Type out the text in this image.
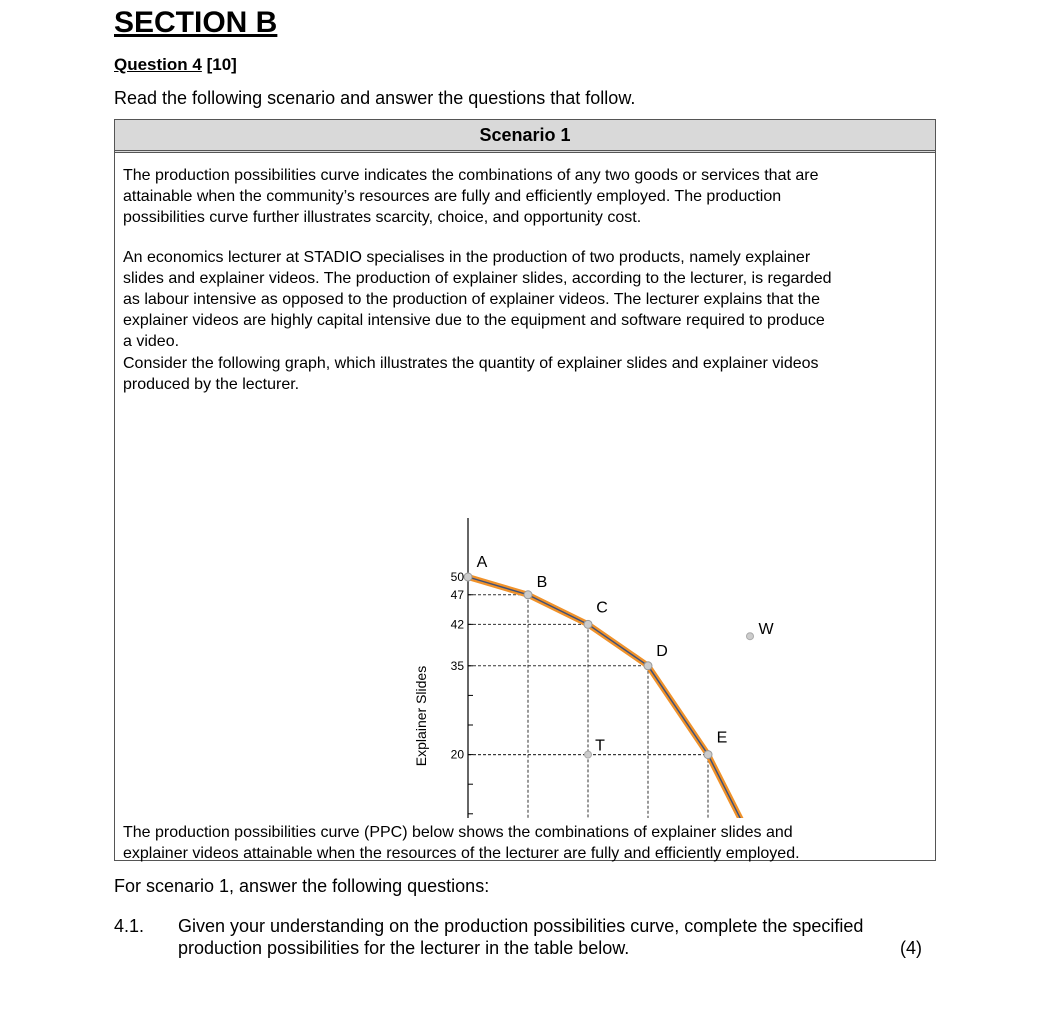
SECTION B
Question 4 [10]

Read the following scenario and answer the questions that follow.

Scenario 1
The production possibilities curve indicates the combinations of any two goods or services that are
attainable when the community’s resources are fully and efficiently employed. The production
possibilities curve further illustrates scarcity, choice, and opportunity cost.
An economics lecturer at STADIO specialises in the production of two products, namely explainer
slides and explainer videos. The production of explainer slides, according to the lecturer, is regarded
as labour intensive as opposed to the production of explainer videos. The lecturer explains that the
explainer videos are highly capital intensive due to the equipment and software required to produce
a video.
Consider the following graph, which illustrates the quantity of explainer slides and explainer videos
produced by the lecturer.
20
35
42
47
50
Explainer Slides
A
B
C
D
E
T
W
The production possibilities curve (PPC) below shows the combinations of explainer slides and
explainer videos attainable when the resources of the lecturer are fully and efficiently employed.

For scenario 1, answer the following questions:

4.1. Given your understanding on the production possibilities curve, complete the specified
production possibilities for the lecturer in the table below.	(4)
